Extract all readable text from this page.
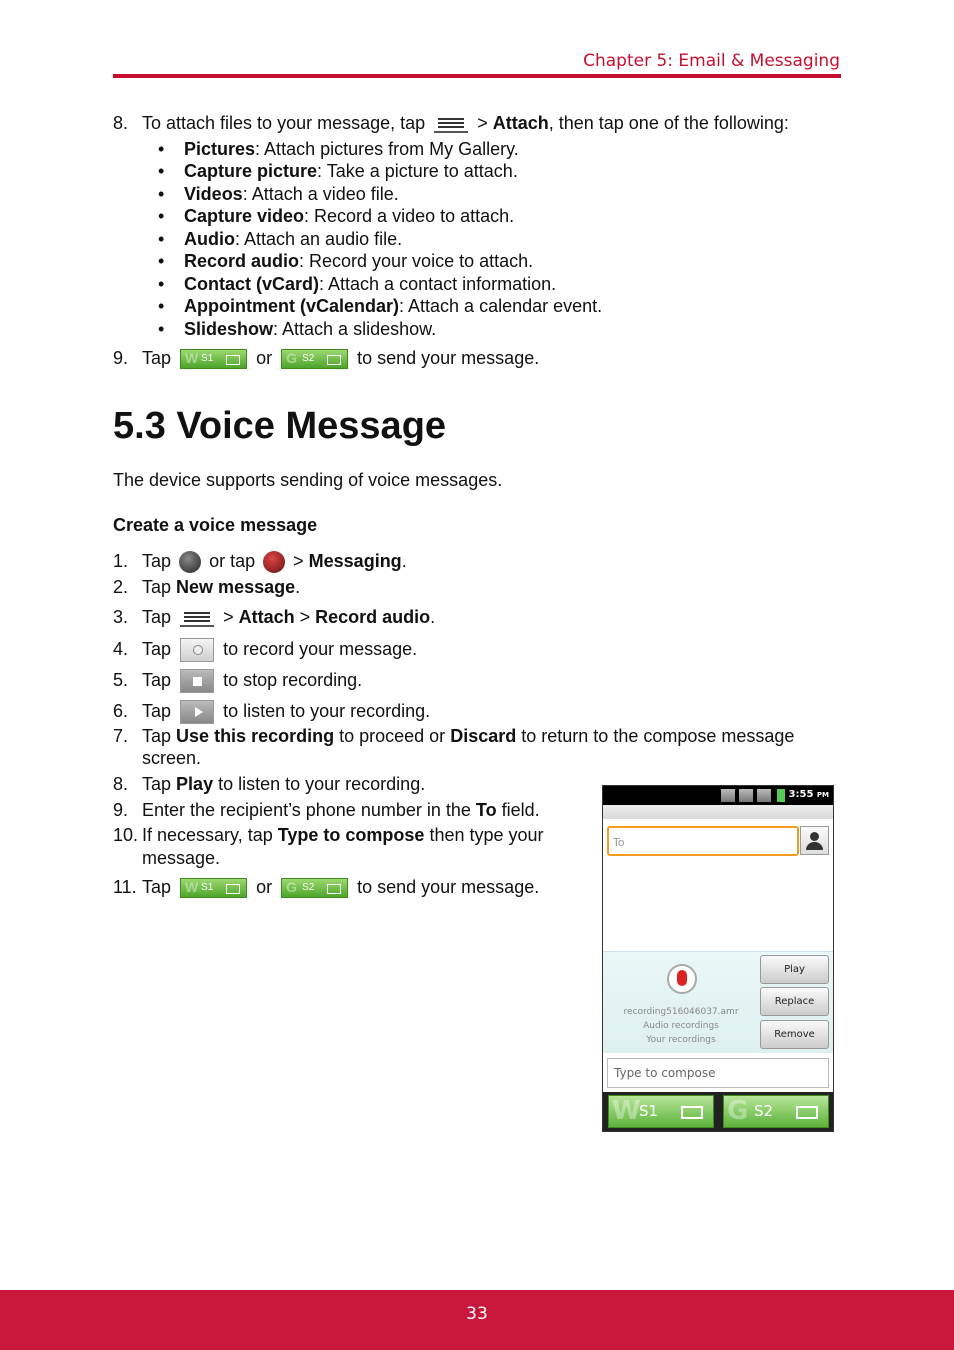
Chapter 5: Email & Messaging
8. To attach files to your message, tap	> Attach, then tap one of the following:
• Pictures: Attach pictures from My Gallery.
• Capture picture: Take a picture to attach.
• Videos: Attach a video file.
• Capture video: Record a video to attach.
• Audio: Attach an audio file.
• Record audio: Record your voice to attach.
• Contact (vCard): Attach a contact information.
• Appointment (vCalendar): Attach a calendar event.
• Slideshow: Attach a slideshow.
9. Tap W S1 or G S2 to send your message.
5.3 Voice Message
The device supports sending of voice messages.
Create a voice message
1. Tap or tap > Messaging.
2. Tap New message.
3. Tap	> Attach > Record audio.
4. Tap	to record your message.
5. Tap	to stop recording.
6. Tap	to listen to your recording.
7. Tap Use this recording to proceed or Discard to return to the compose message
screen.
8. Tap Play to listen to your recording.
9. Enter the recipient’s phone number in the To field.
10. If necessary, tap Type to compose then type your
message.
11. Tap W S1 or G S2 to send your message.
3:55 PM
To
recording516046037.amr
Audio recordings
Your recordings
Play
Replace
Remove
Type to compose
W
S1	G S2
33
